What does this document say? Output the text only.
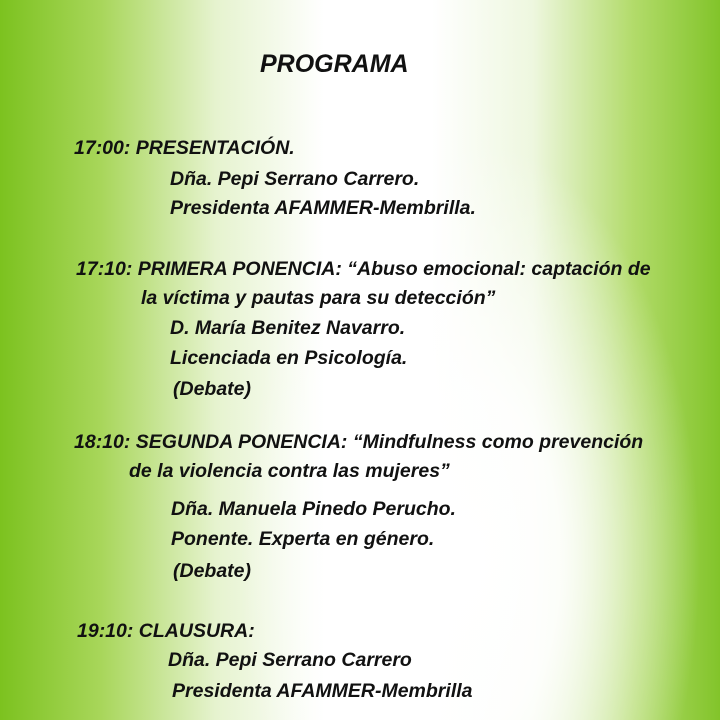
PROGRAMA

17:00: PRESENTACIÓN.

Dña. Pepi Serrano Carrero.

Presidenta AFAMMER-Membrilla.

17:10: PRIMERA PONENCIA: “Abuso emocional: captación de

la víctima y pautas para su detección”

D. María Benitez Navarro.

Licenciada en Psicología.

(Debate)

18:10: SEGUNDA PONENCIA: “Mindfulness como prevención

de la violencia contra las mujeres”

Dña. Manuela Pinedo Perucho.

Ponente. Experta en género.

(Debate)

19:10: CLAUSURA:

Dña. Pepi Serrano Carrero

Presidenta AFAMMER-Membrilla
